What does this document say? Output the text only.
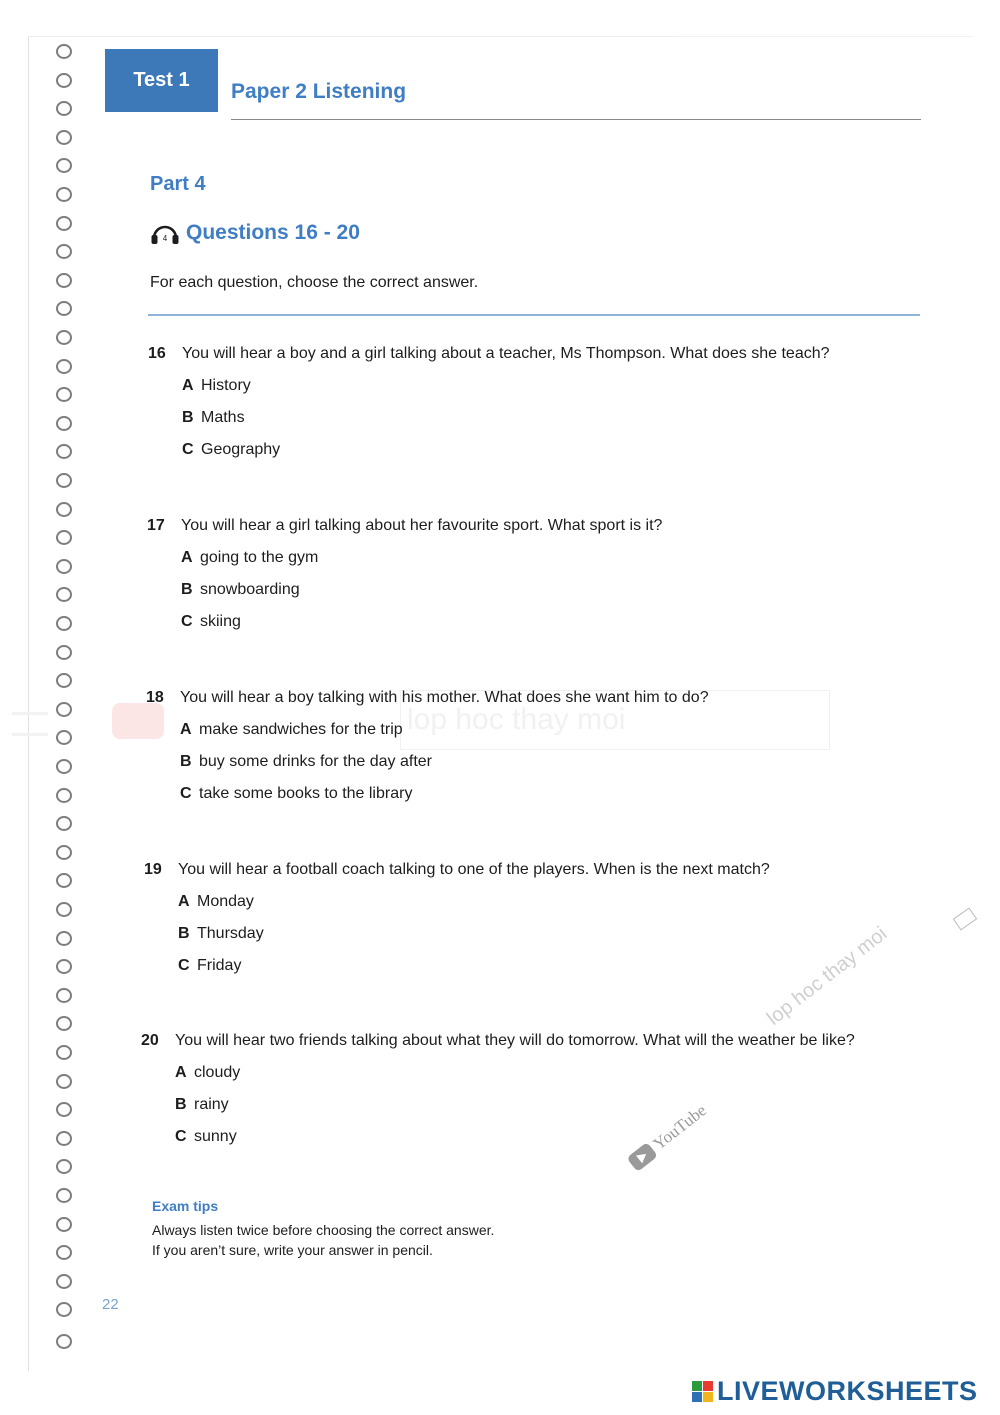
lop hoc thay moi
lop hoc thay moi
YouTube
Test 1 Paper 2 Listening
Part 4
4 Questions 16 - 20
For each question, choose the correct answer.
16	You will hear a boy and a girl talking about a teacher, Ms Thompson. What does she teach?
A History
B Maths
C Geography
17	You will hear a girl talking about her favourite sport. What sport is it?
A going to the gym
B snowboarding
C skiing
18	You will hear a boy talking with his mother. What does she want him to do?
A make sandwiches for the trip
B buy some drinks for the day after
C take some books to the library
19	You will hear a football coach talking to one of the players. When is the next match?
A Monday
B Thursday
C Friday
20	You will hear two friends talking about what they will do tomorrow. What will the weather be like?
A cloudy
B rainy
C sunny
Exam tips
Always listen twice before choosing the correct answer.
If you aren’t sure, write your answer in pencil.
22
LIVEWORKSHEETS
